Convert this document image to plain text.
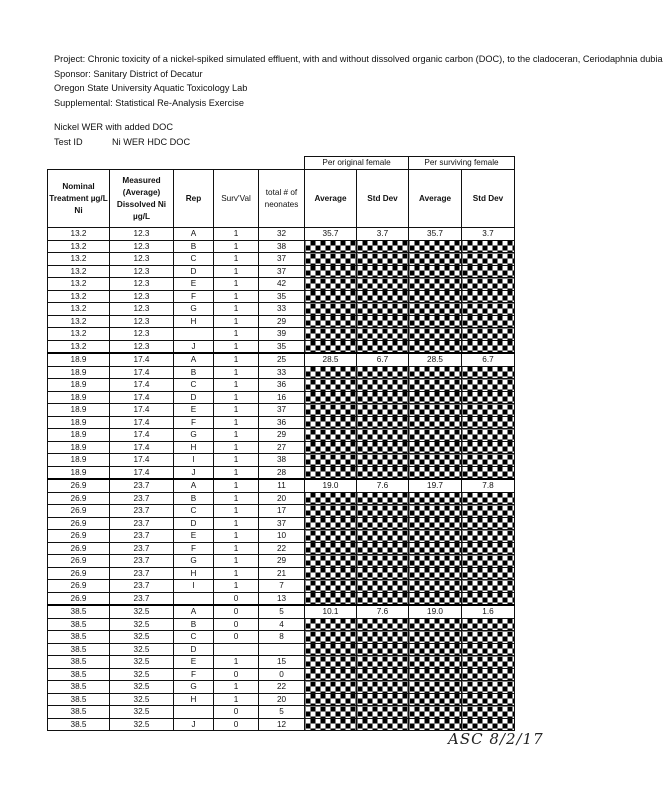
Project: Chronic toxicity of a nickel-spiked simulated effluent, with and without dissolved organic carbon (DOC), to the cladoceran, Ceriodaphnia dubia
Sponsor: Sanitary District of Decatur
Oregon State University Aquatic Toxicology Lab
Supplemental: Statistical Re-Analysis Exercise
Nickel WER with added DOC
Test ID	Ni WER HDC DOC
					Per original female		Per surviving female	
Nominal Treatment µg/L Ni	Measured (Average) Dissolved Ni µg/L	Rep	Surv'Val	total # of neonates	Average	Std Dev	Average	Std Dev
13.2	12.3	A	1	32	35.7	3.7	35.7	3.7
13.2	12.3	B	1	38				
13.2	12.3	C	1	37				
13.2	12.3	D	1	37				
13.2	12.3	E	1	42				
13.2	12.3	F	1	35				
13.2	12.3	G	1	33				
13.2	12.3	H	1	29				
13.2	12.3		1	39				
13.2	12.3	J	1	35				
18.9	17.4	A	1	25	28.5	6.7	28.5	6.7
18.9	17.4	B	1	33				
18.9	17.4	C	1	36				
18.9	17.4	D	1	16				
18.9	17.4	E	1	37				
18.9	17.4	F	1	36				
18.9	17.4	G	1	29				
18.9	17.4	H	1	27				
18.9	17.4	I	1	38				
18.9	17.4	J	1	28				
26.9	23.7	A	1	11	19.0	7.6	19.7	7.8
26.9	23.7	B	1	20				
26.9	23.7	C	1	17				
26.9	23.7	D	1	37				
26.9	23.7	E	1	10				
26.9	23.7	F	1	22				
26.9	23.7	G	1	29				
26.9	23.7	H	1	21				
26.9	23.7	I	1	7				
26.9	23.7		0	13				
38.5	32.5	A	0	5	10.1	7.6	19.0	1.6
38.5	32.5	B	0	4				
38.5	32.5	C	0	8				
38.5	32.5	D						
38.5	32.5	E	1	15				
38.5	32.5	F	0	0				
38.5	32.5	G	1	22				
38.5	32.5	H	1	20				
38.5	32.5		0	5				
38.5	32.5	J	0	12				
ASC 8/2/17
